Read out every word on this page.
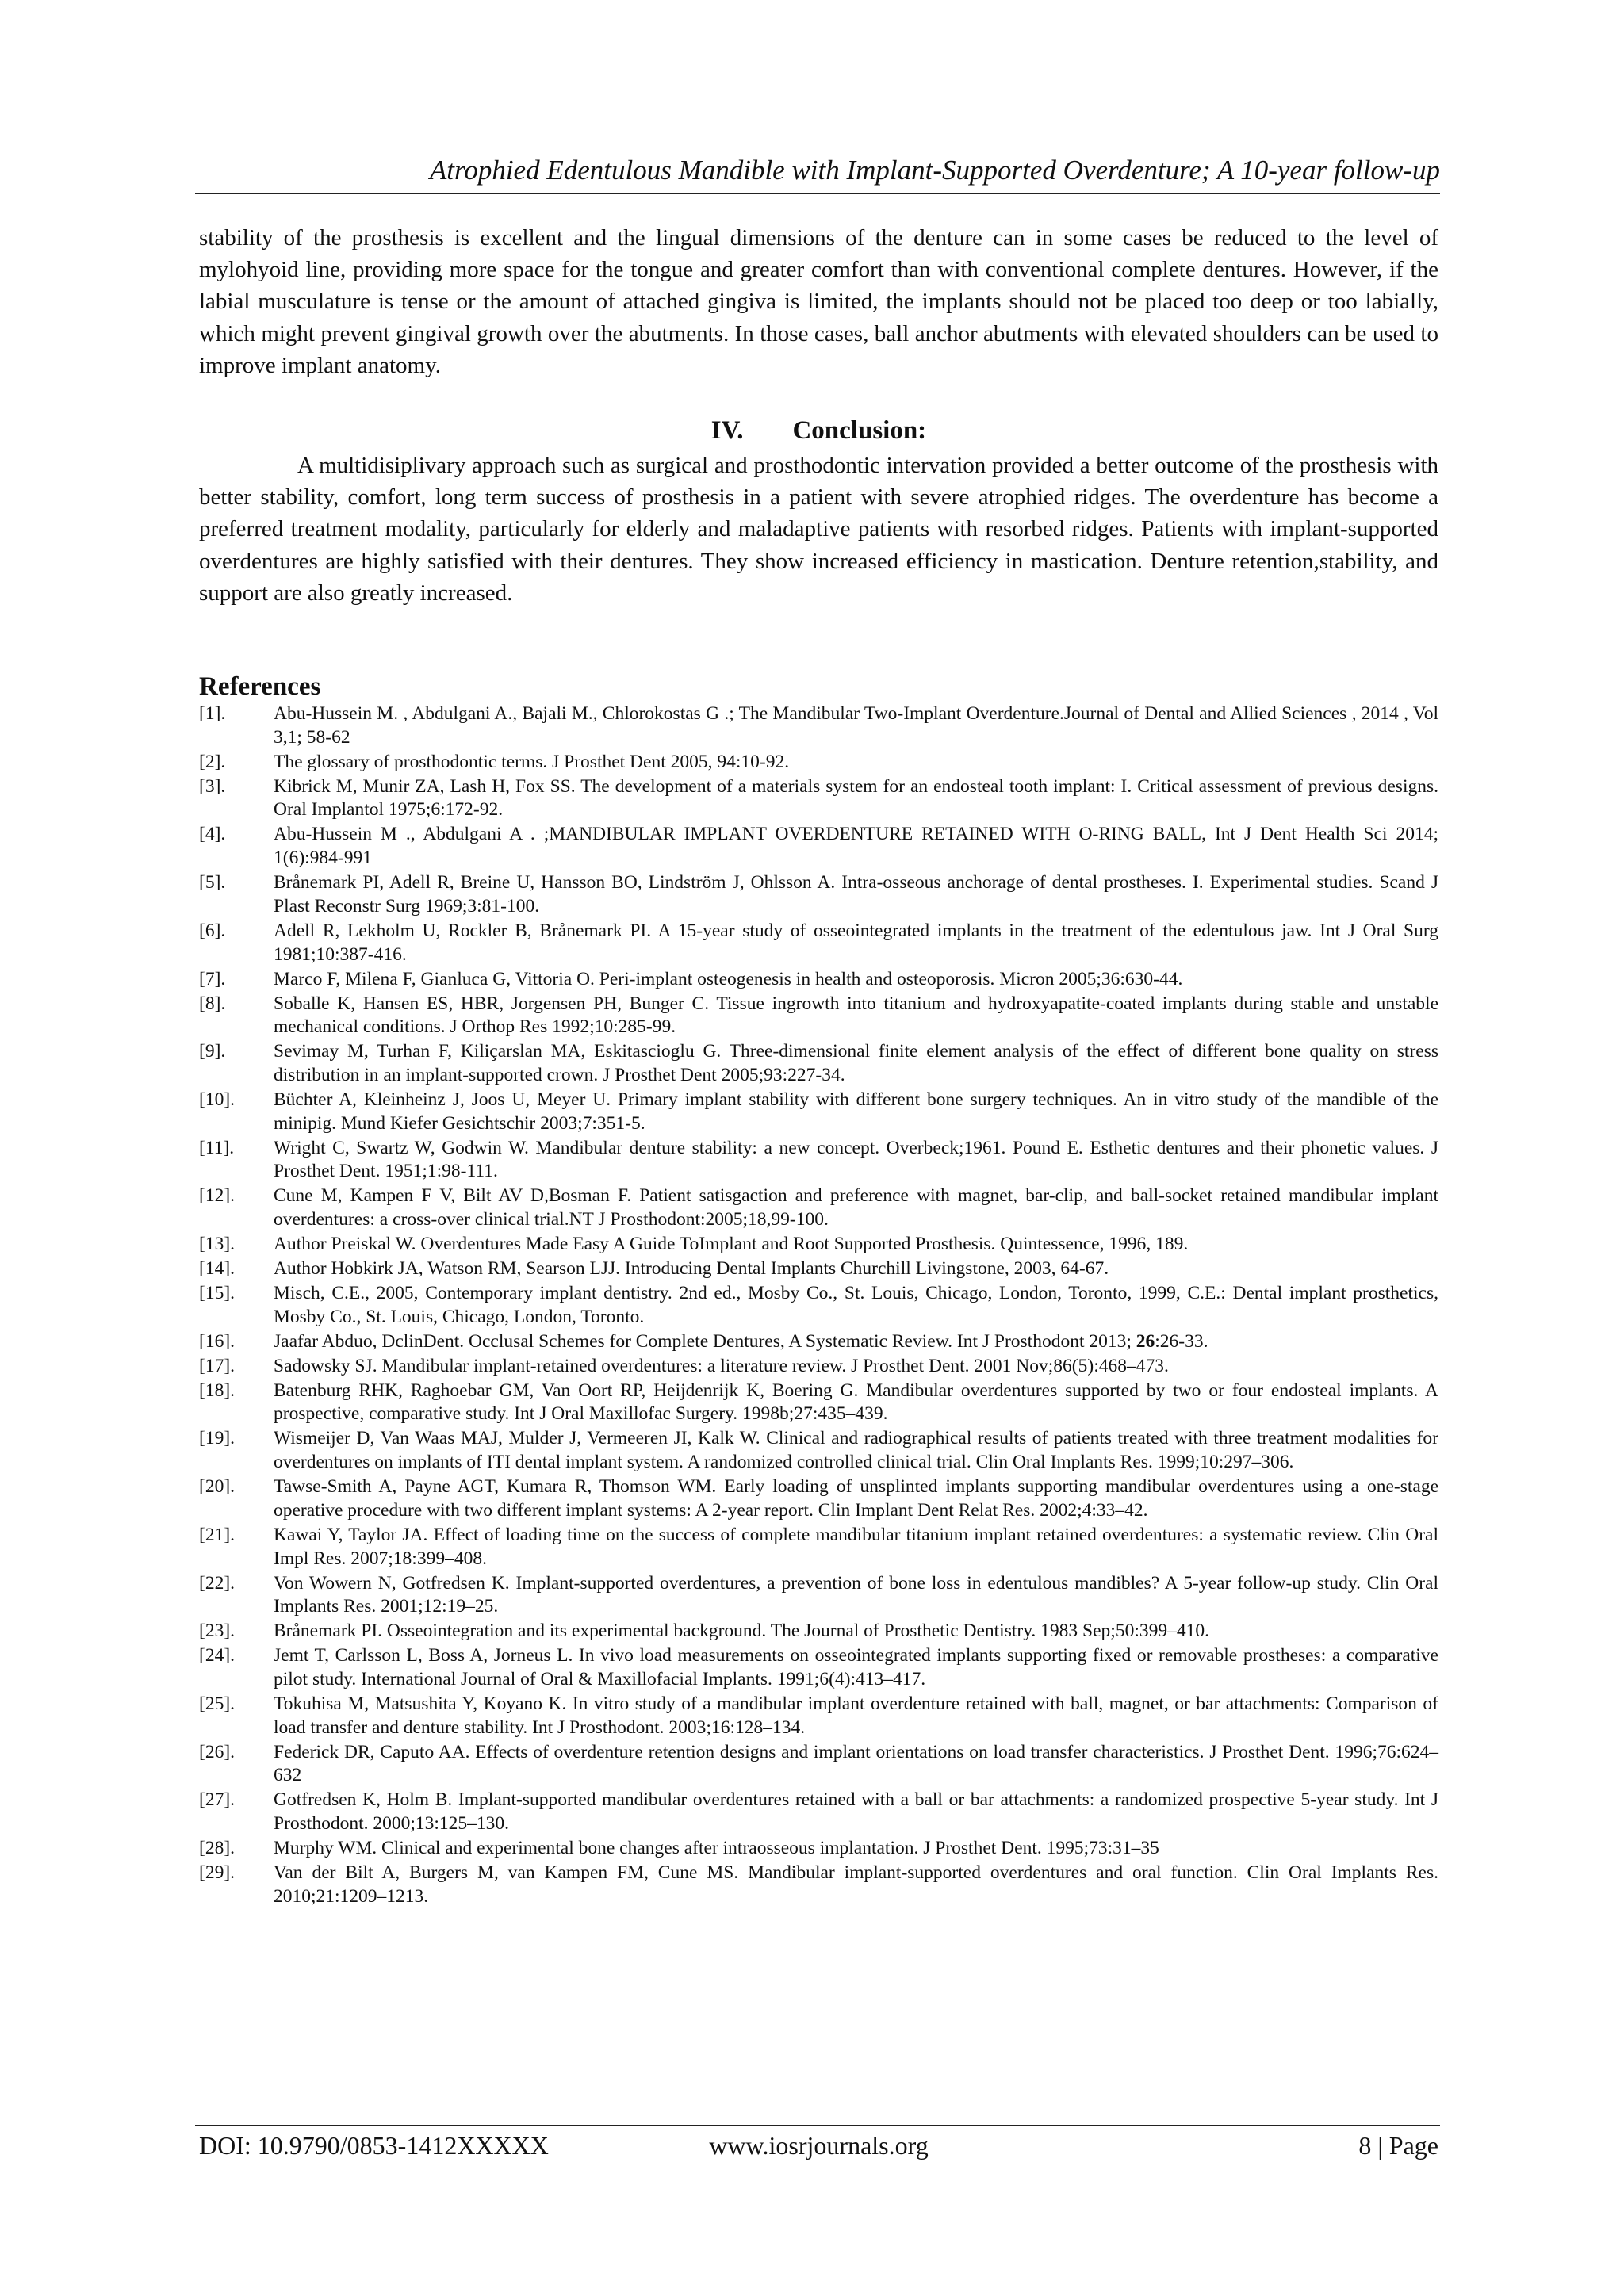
Atrophied Edentulous Mandible with Implant-Supported Overdenture; A 10-year follow-up

stability of the prosthesis is excellent and the lingual dimensions of the denture can in some cases be reduced to the level of mylohyoid line, providing more space for the tongue and greater comfort than with conventional complete dentures. However, if the labial musculature is tense or the amount of attached gingiva is limited, the implants should not be placed too deep or too labially, which might prevent gingival growth over the abutments. In those cases, ball anchor abutments with elevated shoulders can be used to improve implant anatomy.

IV. Conclusion:

A multidisiplivary approach such as surgical and prosthodontic intervation provided a better outcome of the prosthesis with better stability, comfort, long term success of prosthesis in a patient with severe atrophied ridges. The overdenture has become a preferred treatment modality, particularly for elderly and maladaptive patients with resorbed ridges. Patients with implant-supported overdentures are highly satisfied with their dentures. They show increased efficiency in mastication. Denture retention,stability, and support are also greatly increased.

References
[1].	Abu-Hussein M. , Abdulgani A., Bajali M., Chlorokostas G .; The Mandibular Two-Implant Overdenture.Journal of Dental and Allied Sciences , 2014 , Vol 3,1; 58-62
[2].	The glossary of prosthodontic terms. J Prosthet Dent 2005, 94:10-92.
[3].	Kibrick M, Munir ZA, Lash H, Fox SS. The development of a materials system for an endosteal tooth implant: I. Critical assessment of previous designs. Oral Implantol 1975;6:172-92.
[4].	Abu-Hussein M ., Abdulgani A . ;MANDIBULAR IMPLANT OVERDENTURE RETAINED WITH O-RING BALL, Int J Dent Health Sci 2014; 1(6):984-991
[5].	Brånemark PI, Adell R, Breine U, Hansson BO, Lindström J, Ohlsson A. Intra-osseous anchorage of dental prostheses. I. Experimental studies. Scand J Plast Reconstr Surg 1969;3:81-100.
[6].	Adell R, Lekholm U, Rockler B, Brånemark PI. A 15-year study of osseointegrated implants in the treatment of the edentulous jaw. Int J Oral Surg 1981;10:387-416.
[7].	Marco F, Milena F, Gianluca G, Vittoria O. Peri-implant osteogenesis in health and osteoporosis. Micron 2005;36:630-44.
[8].	Soballe K, Hansen ES, HBR, Jorgensen PH, Bunger C. Tissue ingrowth into titanium and hydroxyapatite-coated implants during stable and unstable mechanical conditions. J Orthop Res 1992;10:285-99.
[9].	Sevimay M, Turhan F, Kiliçarslan MA, Eskitascioglu G. Three-dimensional finite element analysis of the effect of different bone quality on stress distribution in an implant-supported crown. J Prosthet Dent 2005;93:227-34.
[10].	Büchter A, Kleinheinz J, Joos U, Meyer U. Primary implant stability with different bone surgery techniques. An in vitro study of the mandible of the minipig. Mund Kiefer Gesichtschir 2003;7:351-5.
[11].	Wright C, Swartz W, Godwin W. Mandibular denture stability: a new concept. Overbeck;1961. Pound E. Esthetic dentures and their phonetic values. J Prosthet Dent. 1951;1:98-111.
[12].	Cune M, Kampen F V, Bilt AV D,Bosman F. Patient satisgaction and preference with magnet, bar-clip, and ball-socket retained mandibular implant overdentures: a cross-over clinical trial.NT J Prosthodont:2005;18,99-100.
[13].	Author Preiskal W. Overdentures Made Easy A Guide ToImplant and Root Supported Prosthesis. Quintessence, 1996, 189.
[14].	Author Hobkirk JA, Watson RM, Searson LJJ. Introducing Dental Implants Churchill Livingstone, 2003, 64-67.
[15].	Misch, C.E., 2005, Contemporary implant dentistry. 2nd ed., Mosby Co., St. Louis, Chicago, London, Toronto, 1999, C.E.: Dental implant prosthetics, Mosby Co., St. Louis, Chicago, London, Toronto.
[16].	Jaafar Abduo, DclinDent. Occlusal Schemes for Complete Dentures, A Systematic Review. Int J Prosthodont 2013; 26:26-33.
[17].	Sadowsky SJ. Mandibular implant-retained overdentures: a literature review. J Prosthet Dent. 2001 Nov;86(5):468–473.
[18].	Batenburg RHK, Raghoebar GM, Van Oort RP, Heijdenrijk K, Boering G. Mandibular overdentures supported by two or four endosteal implants. A prospective, comparative study. Int J Oral Maxillofac Surgery. 1998b;27:435–439.
[19].	Wismeijer D, Van Waas MAJ, Mulder J, Vermeeren JI, Kalk W. Clinical and radiographical results of patients treated with three treatment modalities for overdentures on implants of ITI dental implant system. A randomized controlled clinical trial. Clin Oral Implants Res. 1999;10:297–306.
[20].	Tawse-Smith A, Payne AGT, Kumara R, Thomson WM. Early loading of unsplinted implants supporting mandibular overdentures using a one-stage operative procedure with two different implant systems: A 2-year report. Clin Implant Dent Relat Res. 2002;4:33–42.
[21].	Kawai Y, Taylor JA. Effect of loading time on the success of complete mandibular titanium implant retained overdentures: a systematic review. Clin Oral Impl Res. 2007;18:399–408.
[22].	Von Wowern N, Gotfredsen K. Implant-supported overdentures, a prevention of bone loss in edentulous mandibles? A 5-year follow-up study. Clin Oral Implants Res. 2001;12:19–25.
[23].	Brånemark PI. Osseointegration and its experimental background. The Journal of Prosthetic Dentistry. 1983 Sep;50:399–410.
[24].	Jemt T, Carlsson L, Boss A, Jorneus L. In vivo load measurements on osseointegrated implants supporting fixed or removable prostheses: a comparative pilot study. International Journal of Oral & Maxillofacial Implants. 1991;6(4):413–417.
[25].	Tokuhisa M, Matsushita Y, Koyano K. In vitro study of a mandibular implant overdenture retained with ball, magnet, or bar attachments: Comparison of load transfer and denture stability. Int J Prosthodont. 2003;16:128–134.
[26].	Federick DR, Caputo AA. Effects of overdenture retention designs and implant orientations on load transfer characteristics. J Prosthet Dent. 1996;76:624–632
[27].	Gotfredsen K, Holm B. Implant-supported mandibular overdentures retained with a ball or bar attachments: a randomized prospective 5-year study. Int J Prosthodont. 2000;13:125–130.
[28].	Murphy WM. Clinical and experimental bone changes after intraosseous implantation. J Prosthet Dent. 1995;73:31–35
[29].	Van der Bilt A, Burgers M, van Kampen FM, Cune MS. Mandibular implant-supported overdentures and oral function. Clin Oral Implants Res. 2010;21:1209–1213.
DOI: 10.9790/0853-1412XXXXX	www.iosrjournals.org	8 | Page
